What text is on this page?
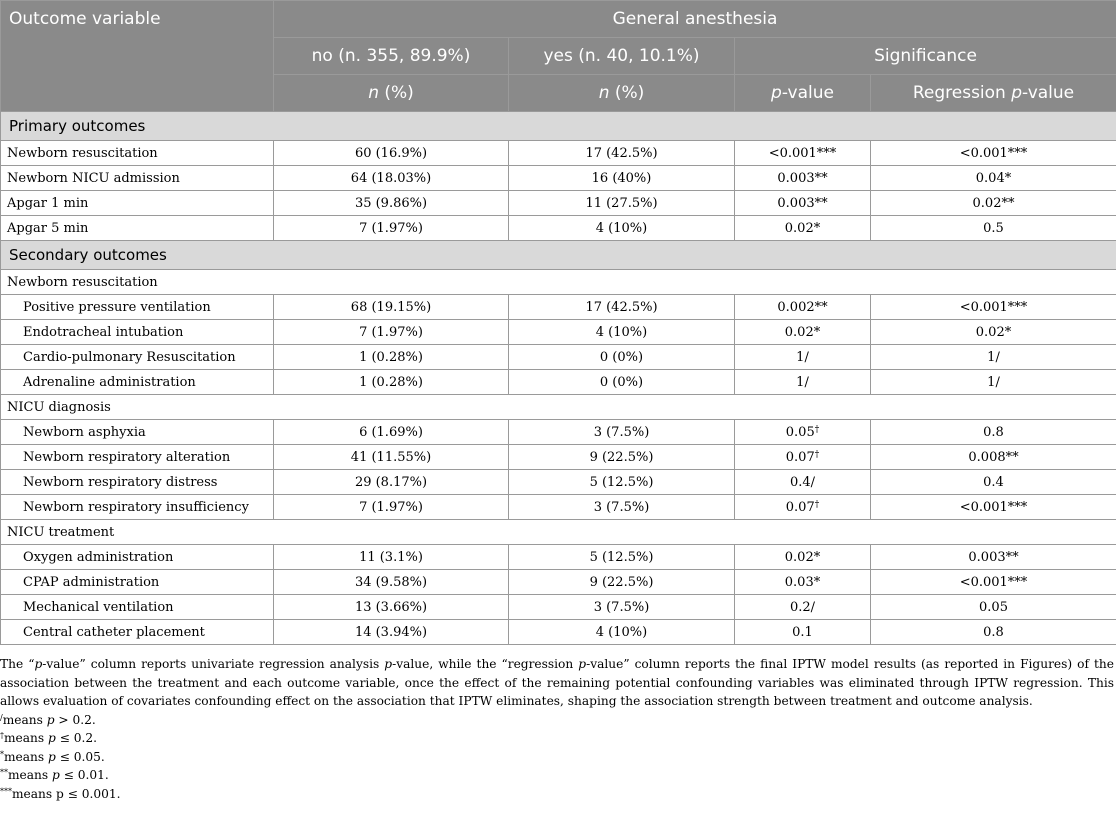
Outcome variable	General anesthesia			
	no (n. 355, 89.9%)	yes (n. 40, 10.1%)	Significance	
	n (%)	n (%)	p-value	Regression p-value
Primary outcomes				
Newborn resuscitation	60 (16.9%)	17 (42.5%)	<0.001***	<0.001***
Newborn NICU admission	64 (18.03%)	16 (40%)	0.003**	0.04*
Apgar 1 min	35 (9.86%)	11 (27.5%)	0.003**	0.02**
Apgar 5 min	7 (1.97%)	4 (10%)	0.02*	0.5
Secondary outcomes				
Newborn resuscitation				
Positive pressure ventilation	68 (19.15%)	17 (42.5%)	0.002**	<0.001***
Endotracheal intubation	7 (1.97%)	4 (10%)	0.02*	0.02*
Cardio-pulmonary Resuscitation	1 (0.28%)	0 (0%)	1/	1/
Adrenaline administration	1 (0.28%)	0 (0%)	1/	1/
NICU diagnosis				
Newborn asphyxia	6 (1.69%)	3 (7.5%)	0.05†	0.8
Newborn respiratory alteration	41 (11.55%)	9 (22.5%)	0.07†	0.008**
Newborn respiratory distress	29 (8.17%)	5 (12.5%)	0.4/	0.4
Newborn respiratory insufficiency	7 (1.97%)	3 (7.5%)	0.07†	<0.001***
NICU treatment				
Oxygen administration	11 (3.1%)	5 (12.5%)	0.02*	0.003**
CPAP administration	34 (9.58%)	9 (22.5%)	0.03*	<0.001***
Mechanical ventilation	13 (3.66%)	3 (7.5%)	0.2/	0.05
Central catheter placement	14 (3.94%)	4 (10%)	0.1	0.8

The “p-value” column reports univariate regression analysis p-value, while the “regression p-value” column reports the final IPTW model results (as reported in Figures) of the association between the treatment and each outcome variable, once the effect of the remaining potential confounding variables was eliminated through IPTW regression. This allows evaluation of covariates confounding effect on the association that IPTW eliminates, shaping the association strength between treatment and outcome analysis.

/means p > 0.2.

†means p ≤ 0.2.

*means p ≤ 0.05.

**means p ≤ 0.01.

***means p ≤ 0.001.
